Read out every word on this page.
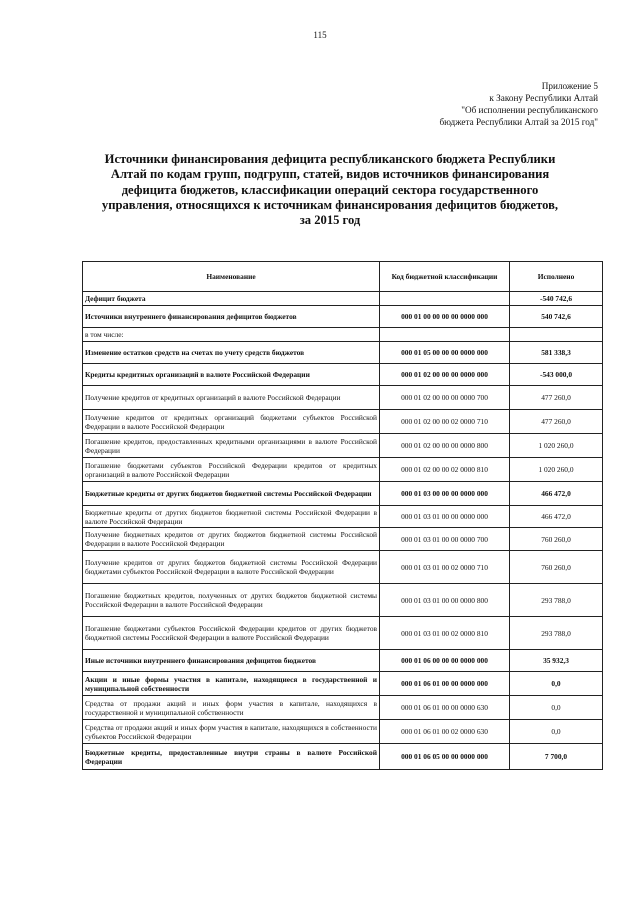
115
Приложение 5
к Закону Республики Алтай
"Об исполнении республиканского
бюджета Республики Алтай за 2015 год"
Источники финансирования дефицита республиканского бюджета Республики
Алтай по кодам групп, подгрупп, статей, видов источников финансирования
дефицита бюджетов, классификации операций сектора государственного
управления, относящихся к источникам финансирования дефицитов бюджетов,
за 2015 год
Наименование	Код бюджетной классификации	Исполнено
Дефицит бюджета		-540 742,6
Источники внутреннего финансирования дефицитов бюджетов	000 01 00 00 00 00 0000 000	540 742,6
в том числе:		
Изменение остатков средств на счетах по учету средств бюджетов	000 01 05 00 00 00 0000 000	581 338,3
Кредиты кредитных организаций в валюте Российской Федерации	000 01 02 00 00 00 0000 000	-543 000,0
Получение кредитов от кредитных организаций в валюте Российской Федерации	000 01 02 00 00 00 0000 700	477 260,0
Получение кредитов от кредитных организаций бюджетами субъектов Российской Федерации в валюте Российской Федерации	000 01 02 00 00 02 0000 710	477 260,0
Погашение кредитов, предоставленных кредитными организациями в валюте Российской Федерации	000 01 02 00 00 00 0000 800	1 020 260,0
Погашение бюджетами субъектов Российской Федерации кредитов от кредитных организаций в валюте Российской Федерации	000 01 02 00 00 02 0000 810	1 020 260,0
Бюджетные кредиты от других бюджетов бюджетной системы Российской Федерации	000 01 03 00 00 00 0000 000	466 472,0
Бюджетные кредиты от других бюджетов бюджетной системы Российской Федерации в валюте Российской Федерации	000 01 03 01 00 00 0000 000	466 472,0
Получение бюджетных кредитов от других бюджетов бюджетной системы Российской Федерации в валюте Российской Федерации	000 01 03 01 00 00 0000 700	760 260,0
Получение кредитов от других бюджетов бюджетной системы Российской Федерации бюджетами субъектов Российской Федерации в валюте Российской Федерации	000 01 03 01 00 02 0000 710	760 260,0
Погашение бюджетных кредитов, полученных от других бюджетов бюджетной системы Российской Федерации в валюте Российской Федерации	000 01 03 01 00 00 0000 800	293 788,0
Погашение бюджетами субъектов Российской Федерации кредитов от других бюджетов бюджетной системы Российской Федерации в валюте Российской Федерации	000 01 03 01 00 02 0000 810	293 788,0
Иные источники внутреннего финансирования дефицитов бюджетов	000 01 06 00 00 00 0000 000	35 932,3
Акции и иные формы участия в капитале, находящиеся в государственной и муниципальной собственности	000 01 06 01 00 00 0000 000	0,0
Средства от продажи акций и иных форм участия в капитале, находящихся в государственной и муниципальной собственности	000 01 06 01 00 00 0000 630	0,0
Средства от продажи акций и иных форм участия в капитале, находящихся в собственности субъектов Российской Федерации	000 01 06 01 00 02 0000 630	0,0
Бюджетные кредиты, предоставленные внутри страны в валюте Российской Федерации	000 01 06 05 00 00 0000 000	7 700,0
